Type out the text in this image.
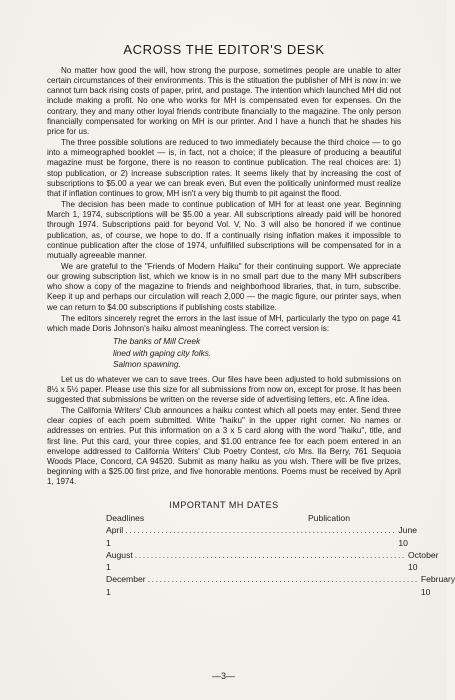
ACROSS THE EDITOR'S DESK

No matter how good the will, how strong the purpose, sometimes people are unable to alter certain circumstances of their environments. This is the stituation the publisher of MH is now in: we cannot turn back rising costs of paper, print, and postage. The intention which launched MH did not include making a profit. No one who works for MH is compensated even for expenses. On the contrary, they and many other loyal friends contribute financially to the magazine. The only person financially compensated for working on MH is our printer. And I have a hunch that he shades his price for us.

The three possible solutions are reduced to two immediately because the third choice — to go into a mimeographed booklet — is, in fact, not a choice; if the pleasure of producing a beautiful magazine must be forgone, there is no reason to continue publication. The real choices are: 1) stop publication, or 2) increase subscription rates. It seems likely that by increasing the cost of subscriptions to $5.00 a year we can break even. But even the politically uninformed must realize that if inflation continues to grow, MH isn't a very big thumb to pit against the flood.

The decision has been made to continue publication of MH for at least one year. Beginning March 1, 1974, subscriptions will be $5.00 a year. All subscriptions already paid will be honored through 1974. Subscriptions paid for beyond Vol. V, No. 3 will also be honored if we continue publication, as, of course, we hope to do. If a continually rising inflation makes it impossible to continue publication after the close of 1974, unfulfilled subscriptions will be compensated for in a mutually agreeable manner.

We are grateful to the "Friends of Modern Haiku" for their continuing support. We appreciate our growing subscription list, which we know is in no small part due to the many MH subscribers who show a copy of the magazine to friends and neighborhood libraries, that, in turn, subscribe. Keep it up and perhaps our circulation will reach 2,000 — the magic figure, our printer says, when we can return to $4.00 subscriptions if publishing costs stabilize.

The editors sincerely regret the errors in the last issue of MH, particularly the typo on page 41 which made Doris Johnson's haiku almost meaningless. The correct version is:

The banks of Mill Creek
lined with gaping city folks.
Salmon spawning.

Let us do whatever we can to save trees. Our files have been adjusted to hold submissions on 8½ x 5½ paper. Please use this size for all submissions from now on, except for prose. It has been suggested that submissions be written on the reverse side of advertising letters, etc. A fine idea.

The California Writers' Club announces a haiku contest which all poets may enter. Send three clear copies of each poem submitted. Write "haiku" in the upper right corner. No names or addresses on entries. Put this information on a 3 x 5 card along with the word "haiku", title, and first line. Put this card, your three copies, and $1.00 entrance fee for each poem entered in an envelope addressed to California Writers' Club Poetry Contest, c/o Mrs. Ila Berry, 761 Sequoia Woods Place, Concord, CA 94520. Submit as many haiku as you wish. There will be five prizes, beginning with a $25.00 first prize, and five honorable mentions. Poems must be received by April 1, 1974.

IMPORTANT MH DATES
Deadlines	Publication
April 1
.................................................................... June 10
August 1
.................................................................... October 10
December 1
.................................................................... February 10
—3—
